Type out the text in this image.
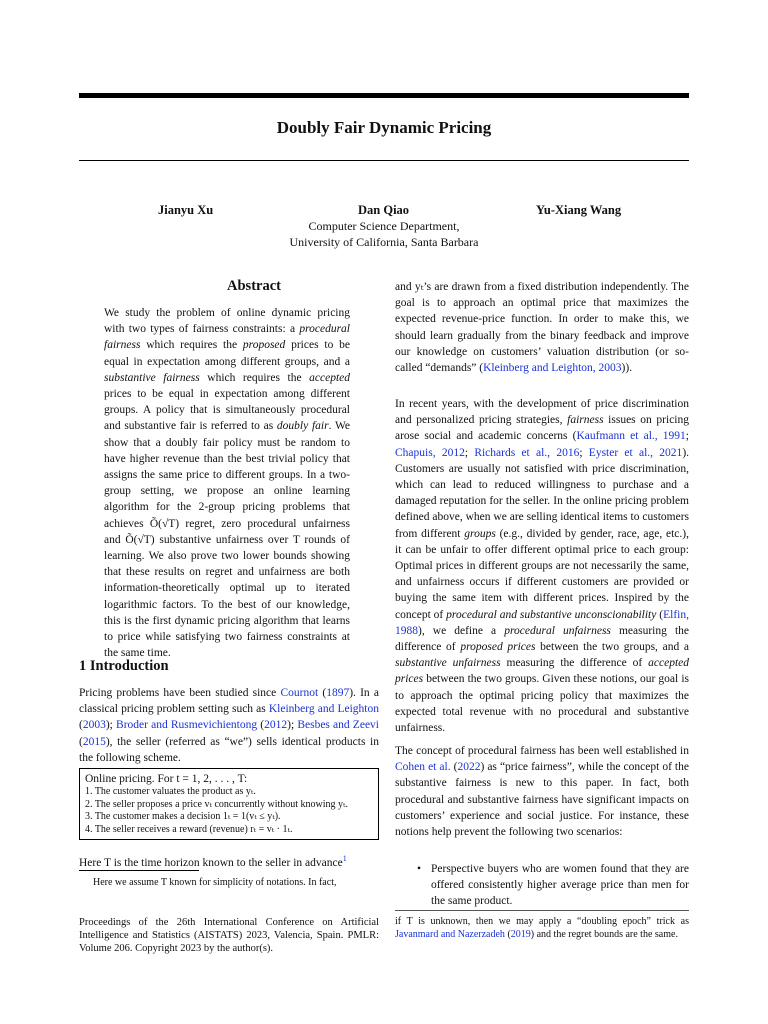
Doubly Fair Dynamic Pricing
Jianyu Xu	Dan Qiao	Yu-Xiang Wang
Computer Science Department,
University of California, Santa Barbara
Abstract
We study the problem of online dynamic pricing with two types of fairness constraints: a procedural fairness which requires the proposed prices to be equal in expectation among different groups, and a substantive fairness which requires the accepted prices to be equal in expectation among different groups. A policy that is simultaneously procedural and substantive fair is referred to as doubly fair. We show that a doubly fair policy must be random to have higher revenue than the best trivial policy that assigns the same price to different groups. In a two-group setting, we propose an online learning algorithm for the 2-group pricing problems that achieves Õ(√T) regret, zero procedural unfairness and Õ(√T) substantive unfairness over T rounds of learning. We also prove two lower bounds showing that these results on regret and unfairness are both information-theoretically optimal up to iterated logarithmic factors. To the best of our knowledge, this is the first dynamic pricing algorithm that learns to price while satisfying two fairness constraints at the same time.
1 Introduction
Pricing problems have been studied since Cournot (1897). In a classical pricing problem setting such as Kleinberg and Leighton (2003); Broder and Rusmevichientong (2012); Besbes and Zeevi (2015), the seller (referred as “we”) sells identical products in the following scheme.
Online pricing. For t = 1, 2, . . . , T:
1. The customer valuates the product as yₜ.
2. The seller proposes a price vₜ concurrently without knowing yₜ.
3. The customer makes a decision 1ₜ = 1(vₜ ≤ yₜ).
4. The seller receives a reward (revenue) rₜ = vₜ · 1ₜ.
Here T is the time horizon known to the seller in advance$^1$
Here we assume T known for simplicity of notations. In fact,
Proceedings of the 26th International Conference on Artificial Intelligence and Statistics (AISTATS) 2023, Valencia, Spain. PMLR: Volume 206. Copyright 2023 by the author(s).
and yₜ’s are drawn from a fixed distribution independently. The goal is to approach an optimal price that maximizes the expected revenue-price function. In order to make this, we should learn gradually from the binary feedback and improve our knowledge on customers’ valuation distribution (or so-called “demands” (Kleinberg and Leighton, 2003)).
In recent years, with the development of price discrimination and personalized pricing strategies, fairness issues on pricing arose social and academic concerns (Kaufmann et al., 1991; Chapuis, 2012; Richards et al., 2016; Eyster et al., 2021). Customers are usually not satisfied with price discrimination, which can lead to reduced willingness to purchase and a damaged reputation for the seller. In the online pricing problem defined above, when we are selling identical items to customers from different groups (e.g., divided by gender, race, age, etc.), it can be unfair to offer different optimal price to each group: Optimal prices in different groups are not necessarily the same, and unfairness occurs if different customers are provided or buying the same item with different prices. Inspired by the concept of procedural and substantive unconscionability (Elfin, 1988), we define a procedural unfairness measuring the difference of proposed prices between the two groups, and a substantive unfairness measuring the difference of accepted prices between the two groups. Given these notions, our goal is to approach the optimal pricing policy that maximizes the expected total revenue with no procedural and substantive unfairness.
The concept of procedural fairness has been well established in Cohen et al. (2022) as “price fairness”, while the concept of the substantive fairness is new to this paper. In fact, both procedural and substantive fairness have significant impacts on customers’ experience and social justice. For instance, these notions help prevent the following two scenarios:
• Perspective buyers who are women found that they are offered consistently higher average price than men for the same product.
if T is unknown, then we may apply a “doubling epoch” trick as Javanmard and Nazerzadeh (2019) and the regret bounds are the same.
